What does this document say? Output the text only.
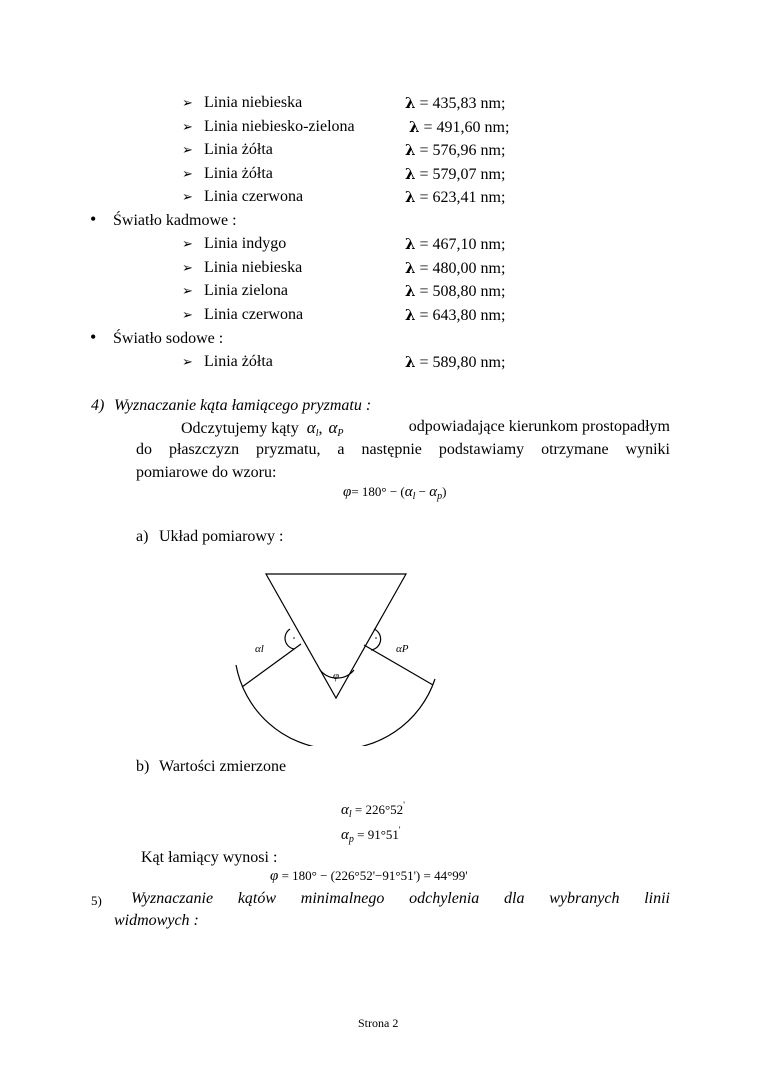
➢ Linia niebieska	λ = 435,83 nm;
➢ Linia niebiesko-zielona	λ = 491,60 nm;
➢ Linia żółta	λ = 576,96 nm;
➢ Linia żółta	λ = 579,07 nm;
➢ Linia czerwona	λ = 623,41 nm;
• Światło kadmowe :
➢ Linia indygo	λ = 467,10 nm;
➢ Linia niebieska	λ = 480,00 nm;
➢ Linia zielona	λ = 508,80 nm;
➢ Linia czerwona	λ = 643,80 nm;
• Światło sodowe :
➢ Linia żółta	λ = 589,80 nm;
4) Wyznaczanie kąta łamiącego pryzmatu :
Odczytujemy kąty $\alpha_l$, $\alpha_P$	odpowiadające kierunkom prostopadłym
do płaszczyzn pryzmatu, a następnie podstawiamy otrzymane wyniki
pomiarowe do wzoru:
$\varphi= 180^\circ - (\alpha_l - \alpha_p)$
a) Układ pomiarowy :
αl	αP
φ
b) Wartości zmierzone
$\alpha_l = 226^\circ 52'$
$\alpha_p = 91^\circ 51'$
Kąt łamiący wynosi :
φ = 180° − (226°52'−91°51') = 44°99'
5) Wyznaczanie kątów minimalnego odchylenia dla wybranych linii
widmowych :
Strona 2
